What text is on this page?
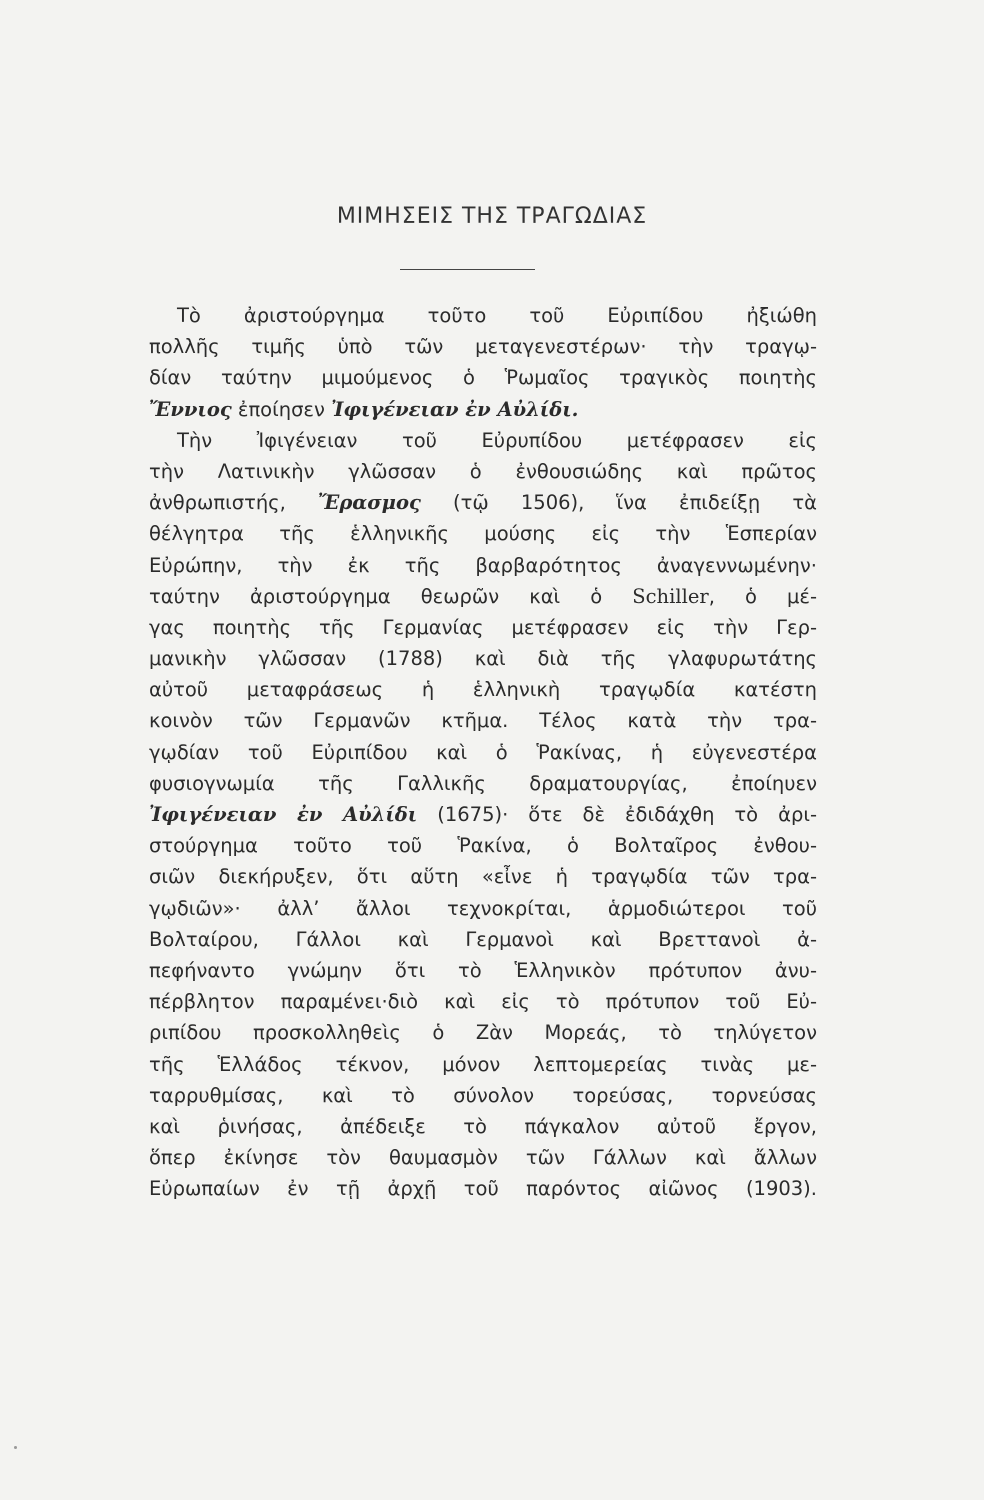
ΜΙΜΗΣΕΙΣ ΤΗΣ ΤΡΑΓΩΔΙΑΣ
Τὸ ἀριστούργημα τοῦτο τοῦ Εὐριπίδου ἠξιώθη
πολλῆς τιμῆς ὑπὸ τῶν μεταγενεστέρων· τὴν τραγῳ-
δίαν ταύτην μιμούμενος ὁ Ῥωμαῖος τραγικὸς ποιητὴς
Ἔννιος ἐποίησεν Ἰφιγένειαν ἐν Αὐλίδι.
Τὴν Ἰφιγένειαν τοῦ Εὐρυπίδου μετέφρασεν εἰς
τὴν Λατινικὴν γλῶσσαν ὁ ἐνθουσιώδης καὶ πρῶτος
ἀνθρωπιστής, Ἔρασμος (τῷ 1506), ἵνα ἐπιδείξῃ τὰ
θέλγητρα τῆς ἑλληνικῆς μούσης εἰς τὴν Ἑσπερίαν
Εὐρώπην, τὴν ἐκ τῆς βαρβαρότητος ἀναγεννωμένην·
ταύτην ἀριστούργημα θεωρῶν καὶ ὁ Schiller, ὁ μέ-
γας ποιητὴς τῆς Γερμανίας μετέφρασεν εἰς τὴν Γερ-
μανικὴν γλῶσσαν (1788) καὶ διὰ τῆς γλαφυρωτάτης
αὐτοῦ μεταφράσεως ἡ ἑλληνικὴ τραγῳδία κατέστη
κοινὸν τῶν Γερμανῶν κτῆμα. Τέλος κατὰ τὴν τρα-
γῳδίαν τοῦ Εὐριπίδου καὶ ὁ Ῥακίνας, ἡ εὐγενεστέρα
φυσιογνωμία τῆς Γαλλικῆς δραματουργίας, ἐποίηυεν
Ἰφιγένειαν ἐν Αὐλίδι (1675)· ὅτε δὲ ἐδιδάχθη τὸ ἀρι-
στούργημα τοῦτο τοῦ Ῥακίνα, ὁ Βολταῖρος ἐνθου-
σιῶν διεκήρυξεν, ὅτι αὕτη «εἶνε ἡ τραγῳδία τῶν τρα-
γῳδιῶν»· ἀλλ’ ἄλλοι τεχνοκρίται, ἁρμοδιώτεροι τοῦ
Βολταίρου, Γάλλοι καὶ Γερμανοὶ καὶ Βρεττανοὶ ἀ-
πεφήναντο γνώμην ὅτι τὸ Ἑλληνικὸν πρότυπον ἀνυ-
πέρβλητον παραμένει·διὸ καὶ εἰς τὸ πρότυπον τοῦ Εὐ-
ριπίδου προσκολληθεὶς ὁ Ζὰν Μορεάς, τὸ τηλύγετον
τῆς Ἑλλάδος τέκνον, μόνον λεπτομερείας τινὰς με-
ταρρυθμίσας, καὶ τὸ σύνολον τορεύσας, τορνεύσας
καὶ ῥινήσας, ἀπέδειξε τὸ πάγκαλον αὐτοῦ ἔργον,
ὅπερ ἐκίνησε τὸν θαυμασμὸν τῶν Γάλλων καὶ ἄλλων
Εὐρωπαίων ἐν τῇ ἀρχῇ τοῦ παρόντος αἰῶνος (1903).
